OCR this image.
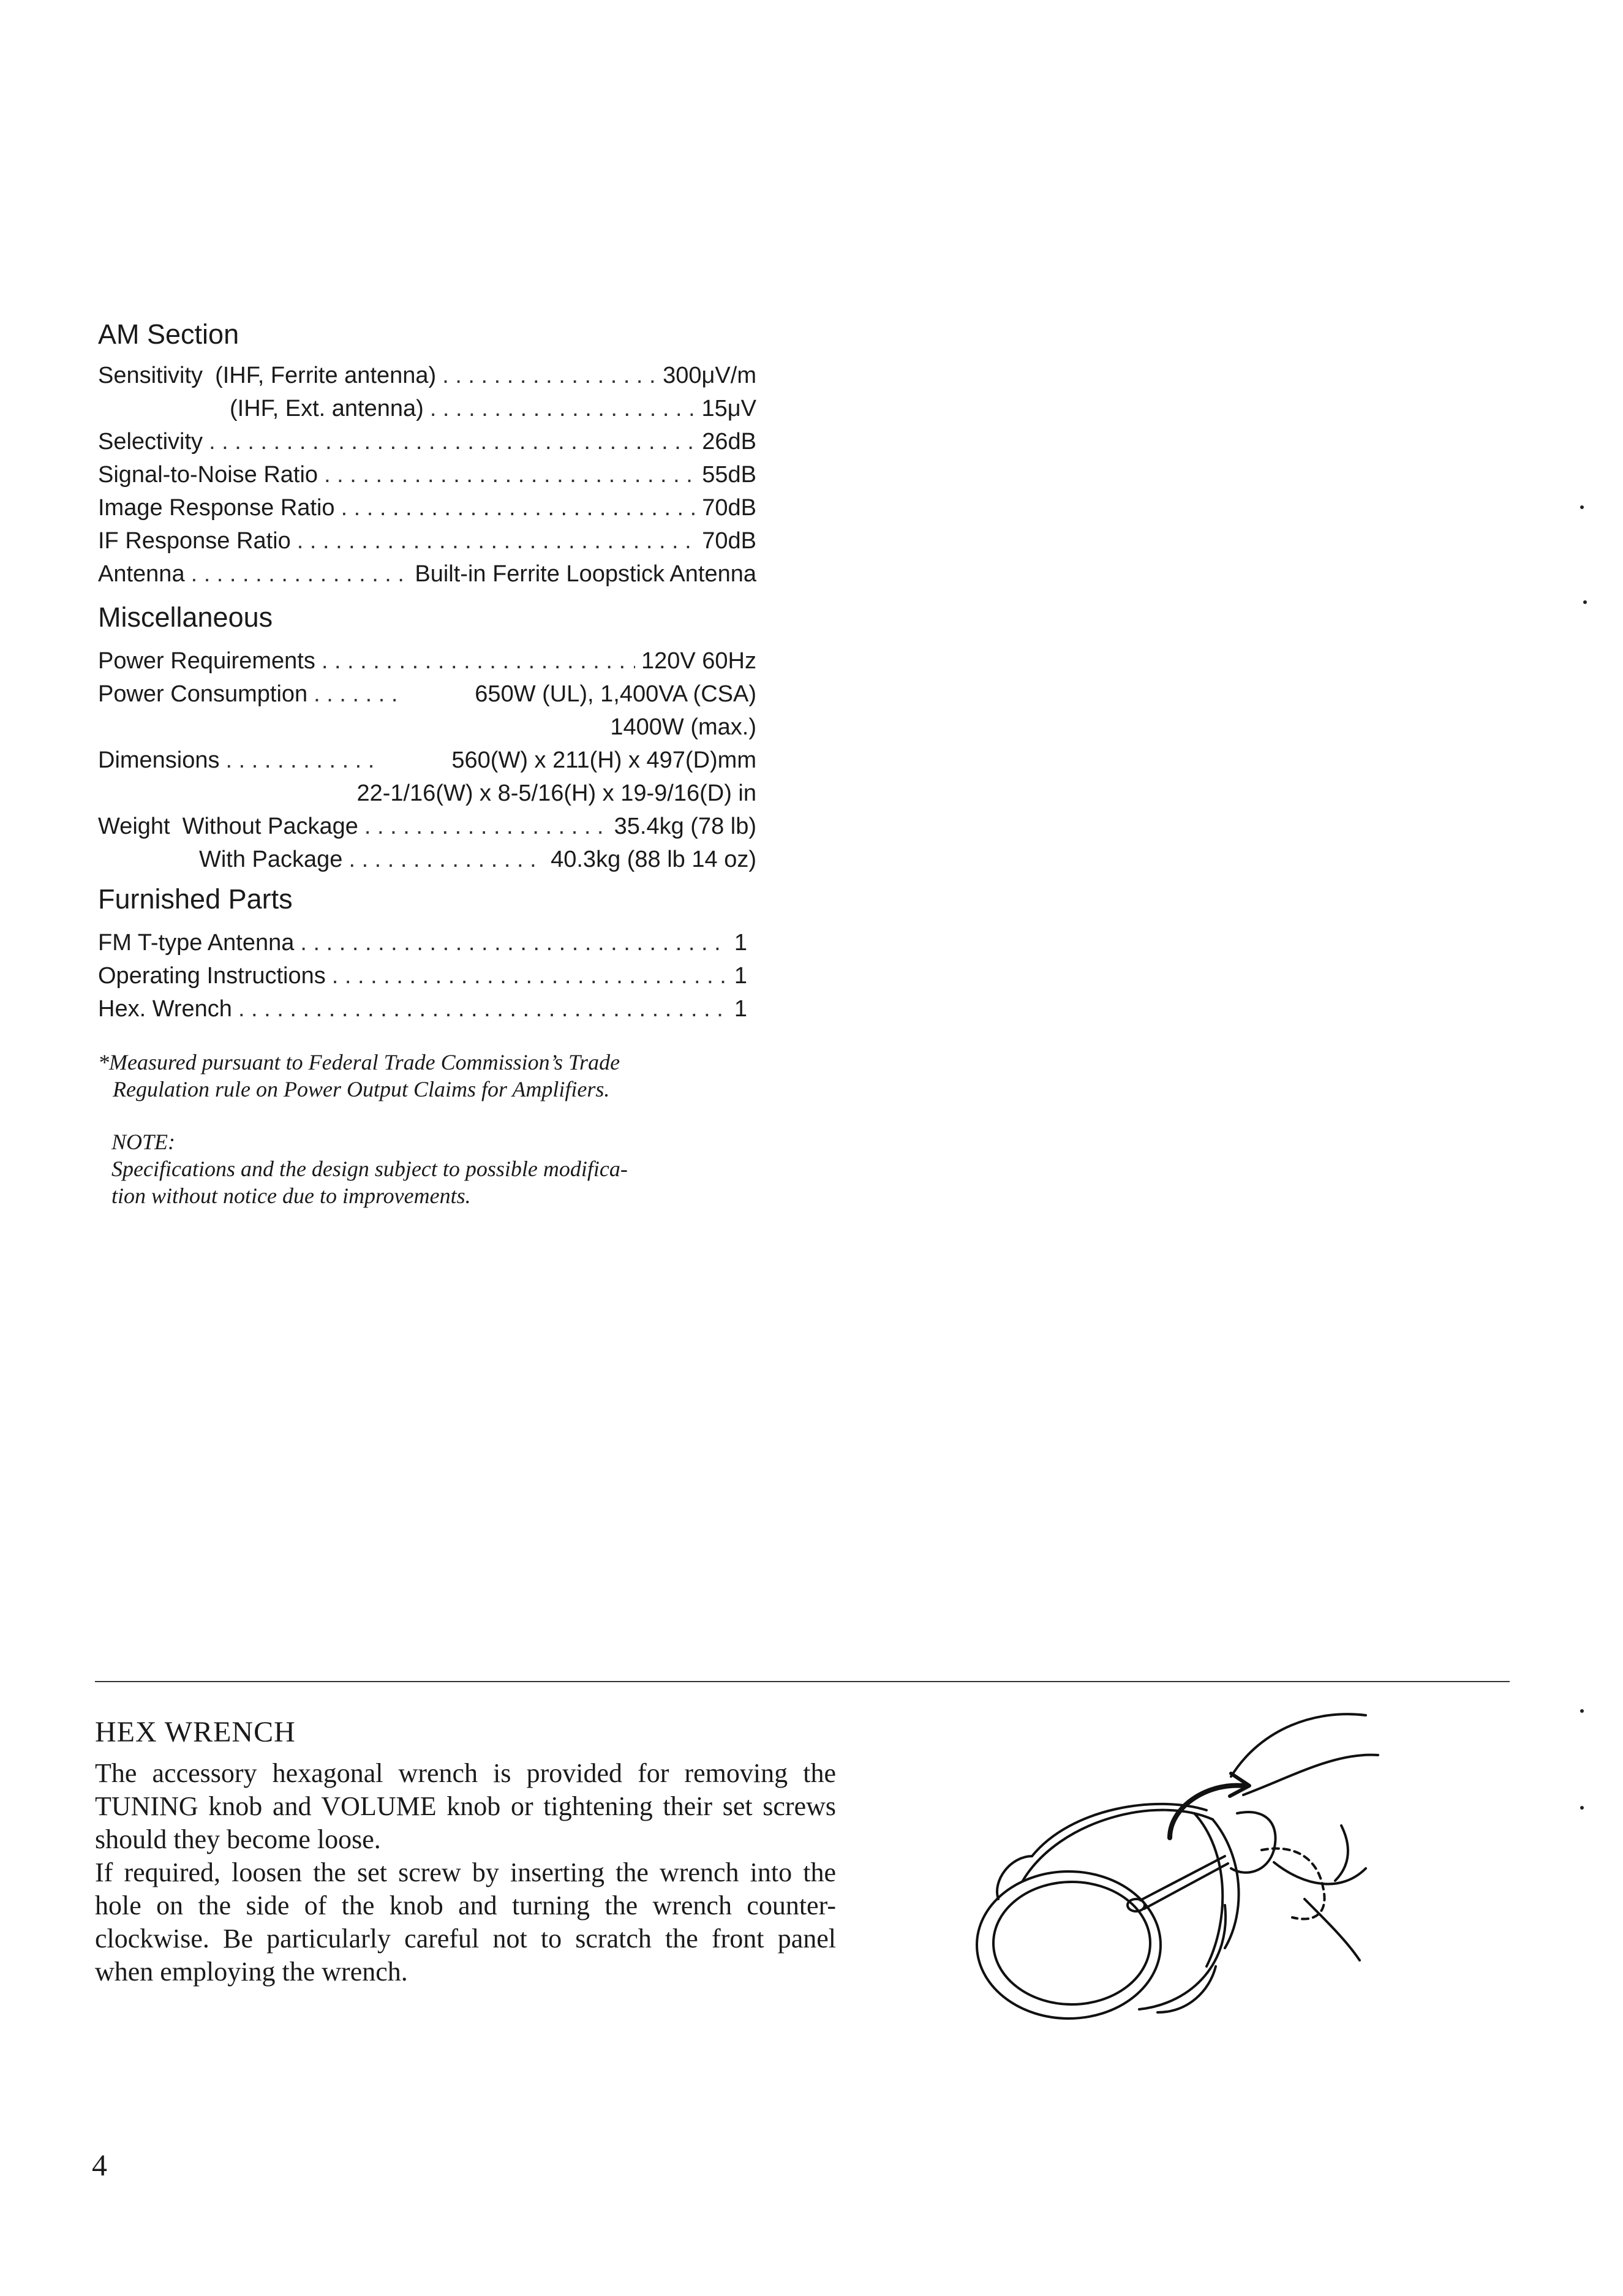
AM Section
Sensitivity (IHF, Ferrite antenna) . . .	300μV/m
(IHF, Ext. antenna) . . .	15μV
Selectivity . . .	26dB
Signal-to-Noise Ratio . . .	55dB
Image Response Ratio . . .	70dB
IF Response Ratio . . .	70dB
Antenna . . .	Built-in Ferrite Loopstick Antenna
Miscellaneous
Power Requirements . . .	120V 60Hz
Power Consumption . . .	650W (UL), 1,400VA (CSA)
1400W (max.)
Dimensions . . .	560(W) x 211(H) x 497(D)mm
22-1/16(W) x 8-5/16(H) x 19-9/16(D) in
Weight Without Package . . .	35.4kg (78 lb)
With Package . . .	40.3kg (88 lb 14 oz)
Furnished Parts
FM T-type Antenna . . .	1
Operating Instructions . . .	1
Hex. Wrench . . .	1
*Measured pursuant to Federal Trade Commission’s Trade
Regulation rule on Power Output Claims for Amplifiers.
NOTE:
Specifications and the design subject to possible modifica-
tion without notice due to improvements.
HEX WRENCH

The accessory hexagonal wrench is provided for removing the TUNING knob and VOLUME knob or tightening their set screws should they become loose.

If required, loosen the set screw by inserting the wrench into the hole on the side of the knob and turning the wrench counter-clockwise. Be particularly careful not to scratch the front panel when employing the wrench.

4
